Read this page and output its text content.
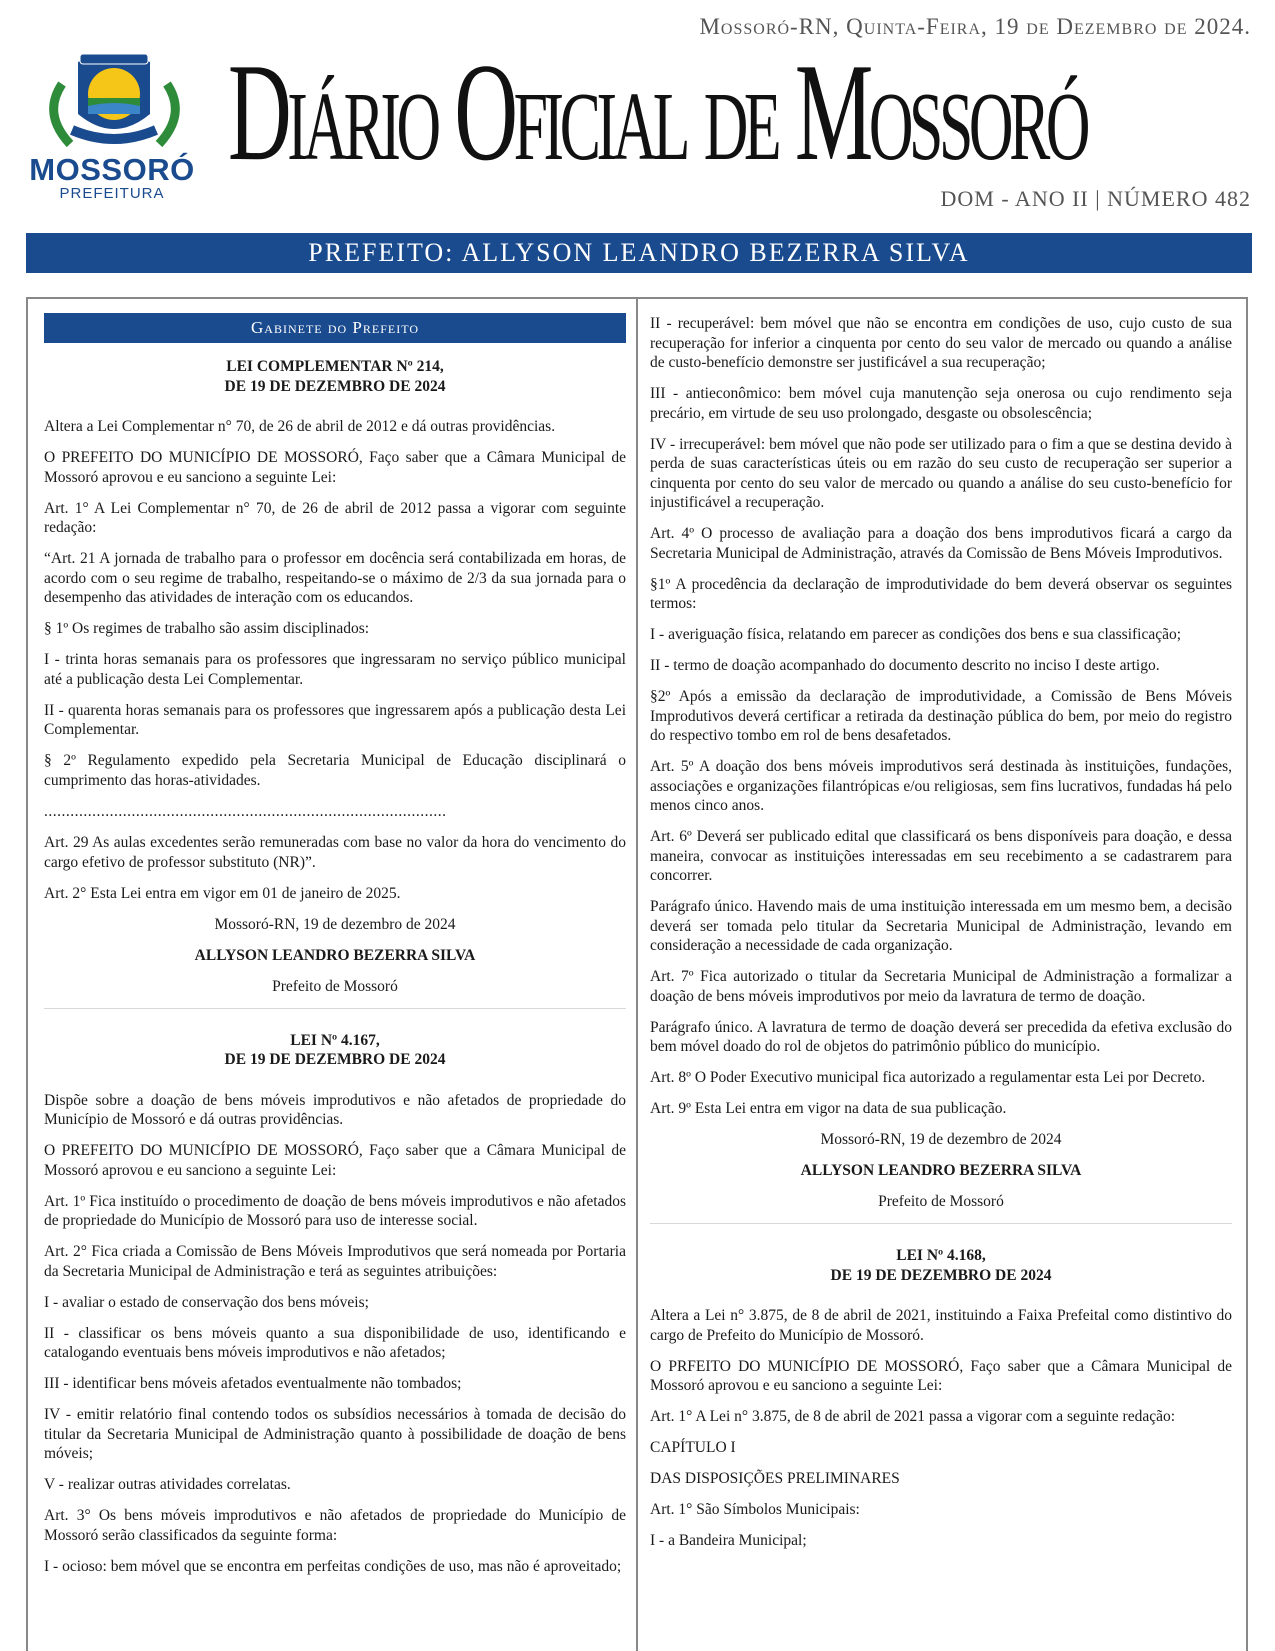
Mossoró-RN, Quinta-Feira, 19 de Dezembro de 2024.
MOSSORÓ
PREFEITURA
Diário Oficial de Mossoró
DOM - ANO II | NÚMERO 482
PREFEITO: ALLYSON LEANDRO BEZERRA SILVA
Gabinete do Prefeito
LEI COMPLEMENTAR Nº 214,
DE 19 DE DEZEMBRO DE 2024

Altera a Lei Complementar n° 70, de 26 de abril de 2012 e dá outras providências.

O PREFEITO DO MUNICÍPIO DE MOSSORÓ, Faço saber que a Câmara Municipal de Mossoró aprovou e eu sanciono a seguinte Lei:

Art. 1° A Lei Complementar n° 70, de 26 de abril de 2012 passa a vigorar com seguinte redação:

“Art. 21 A jornada de trabalho para o professor em docência será contabilizada em horas, de acordo com o seu regime de trabalho, respeitando-se o máximo de 2/3 da sua jornada para o desempenho das atividades de interação com os educandos.

§ 1º Os regimes de trabalho são assim disciplinados:

I - trinta horas semanais para os professores que ingressaram no serviço público municipal até a publicação desta Lei Complementar.

II - quarenta horas semanais para os professores que ingressarem após a publicação desta Lei Complementar.

§ 2º Regulamento expedido pela Secretaria Municipal de Educação disciplinará o cumprimento das horas-atividades.

............................................................................................

Art. 29 As aulas excedentes serão remuneradas com base no valor da hora do vencimento do cargo efetivo de professor substituto (NR)”.

Art. 2° Esta Lei entra em vigor em 01 de janeiro de 2025.

Mossoró-RN, 19 de dezembro de 2024

ALLYSON LEANDRO BEZERRA SILVA

Prefeito de Mossoró

LEI Nº 4.167,
DE 19 DE DEZEMBRO DE 2024

Dispõe sobre a doação de bens móveis improdutivos e não afetados de propriedade do Município de Mossoró e dá outras providências.

O PREFEITO DO MUNICÍPIO DE MOSSORÓ, Faço saber que a Câmara Municipal de Mossoró aprovou e eu sanciono a seguinte Lei:

Art. 1º Fica instituído o procedimento de doação de bens móveis improdutivos e não afetados de propriedade do Município de Mossoró para uso de interesse social.

Art. 2° Fica criada a Comissão de Bens Móveis Improdutivos que será nomeada por Portaria da Secretaria Municipal de Administração e terá as seguintes atribuições:

I - avaliar o estado de conservação dos bens móveis;

II - classificar os bens móveis quanto a sua disponibilidade de uso, identificando e catalogando eventuais bens móveis improdutivos e não afetados;

III - identificar bens móveis afetados eventualmente não tombados;

IV - emitir relatório final contendo todos os subsídios necessários à tomada de decisão do titular da Secretaria Municipal de Administração quanto à possibilidade de doação de bens móveis;

V - realizar outras atividades correlatas.

Art. 3° Os bens móveis improdutivos e não afetados de propriedade do Município de Mossoró serão classificados da seguinte forma:

I - ocioso: bem móvel que se encontra em perfeitas condições de uso, mas não é aproveitado;

II - recuperável: bem móvel que não se encontra em condições de uso, cujo custo de sua recuperação for inferior a cinquenta por cento do seu valor de mercado ou quando a análise de custo-benefício demonstre ser justificável a sua recuperação;

III - antieconômico: bem móvel cuja manutenção seja onerosa ou cujo rendimento seja precário, em virtude de seu uso prolongado, desgaste ou obsolescência;

IV - irrecuperável: bem móvel que não pode ser utilizado para o fim a que se destina devido à perda de suas características úteis ou em razão do seu custo de recuperação ser superior a cinquenta por cento do seu valor de mercado ou quando a análise do seu custo-benefício for injustificável a recuperação.

Art. 4º O processo de avaliação para a doação dos bens improdutivos ficará a cargo da Secretaria Municipal de Administração, através da Comissão de Bens Móveis Improdutivos.

§1º A procedência da declaração de improdutividade do bem deverá observar os seguintes termos:

I - averiguação física, relatando em parecer as condições dos bens e sua classificação;

II - termo de doação acompanhado do documento descrito no inciso I deste artigo.

§2º Após a emissão da declaração de improdutividade, a Comissão de Bens Móveis Improdutivos deverá certificar a retirada da destinação pública do bem, por meio do registro do respectivo tombo em rol de bens desafetados.

Art. 5º A doação dos bens móveis improdutivos será destinada às instituições, fundações, associações e organizações filantrópicas e/ou religiosas, sem fins lucrativos, fundadas há pelo menos cinco anos.

Art. 6º Deverá ser publicado edital que classificará os bens disponíveis para doação, e dessa maneira, convocar as instituições interessadas em seu recebimento a se cadastrarem para concorrer.

Parágrafo único. Havendo mais de uma instituição interessada em um mesmo bem, a decisão deverá ser tomada pelo titular da Secretaria Municipal de Administração, levando em consideração a necessidade de cada organização.

Art. 7º Fica autorizado o titular da Secretaria Municipal de Administração a formalizar a doação de bens móveis improdutivos por meio da lavratura de termo de doação.

Parágrafo único. A lavratura de termo de doação deverá ser precedida da efetiva exclusão do bem móvel doado do rol de objetos do patrimônio público do município.

Art. 8º O Poder Executivo municipal fica autorizado a regulamentar esta Lei por Decreto.

Art. 9º Esta Lei entra em vigor na data de sua publicação.

Mossoró-RN, 19 de dezembro de 2024

ALLYSON LEANDRO BEZERRA SILVA

Prefeito de Mossoró

LEI Nº 4.168,
DE 19 DE DEZEMBRO DE 2024

Altera a Lei n° 3.875, de 8 de abril de 2021, instituindo a Faixa Prefeital como distintivo do cargo de Prefeito do Município de Mossoró.

O PRFEITO DO MUNICÍPIO DE MOSSORÓ, Faço saber que a Câmara Municipal de Mossoró aprovou e eu sanciono a seguinte Lei:

Art. 1° A Lei n° 3.875, de 8 de abril de 2021 passa a vigorar com a seguinte redação:

CAPÍTULO I

DAS DISPOSIÇÕES PRELIMINARES

Art. 1° São Símbolos Municipais:

I - a Bandeira Municipal;
